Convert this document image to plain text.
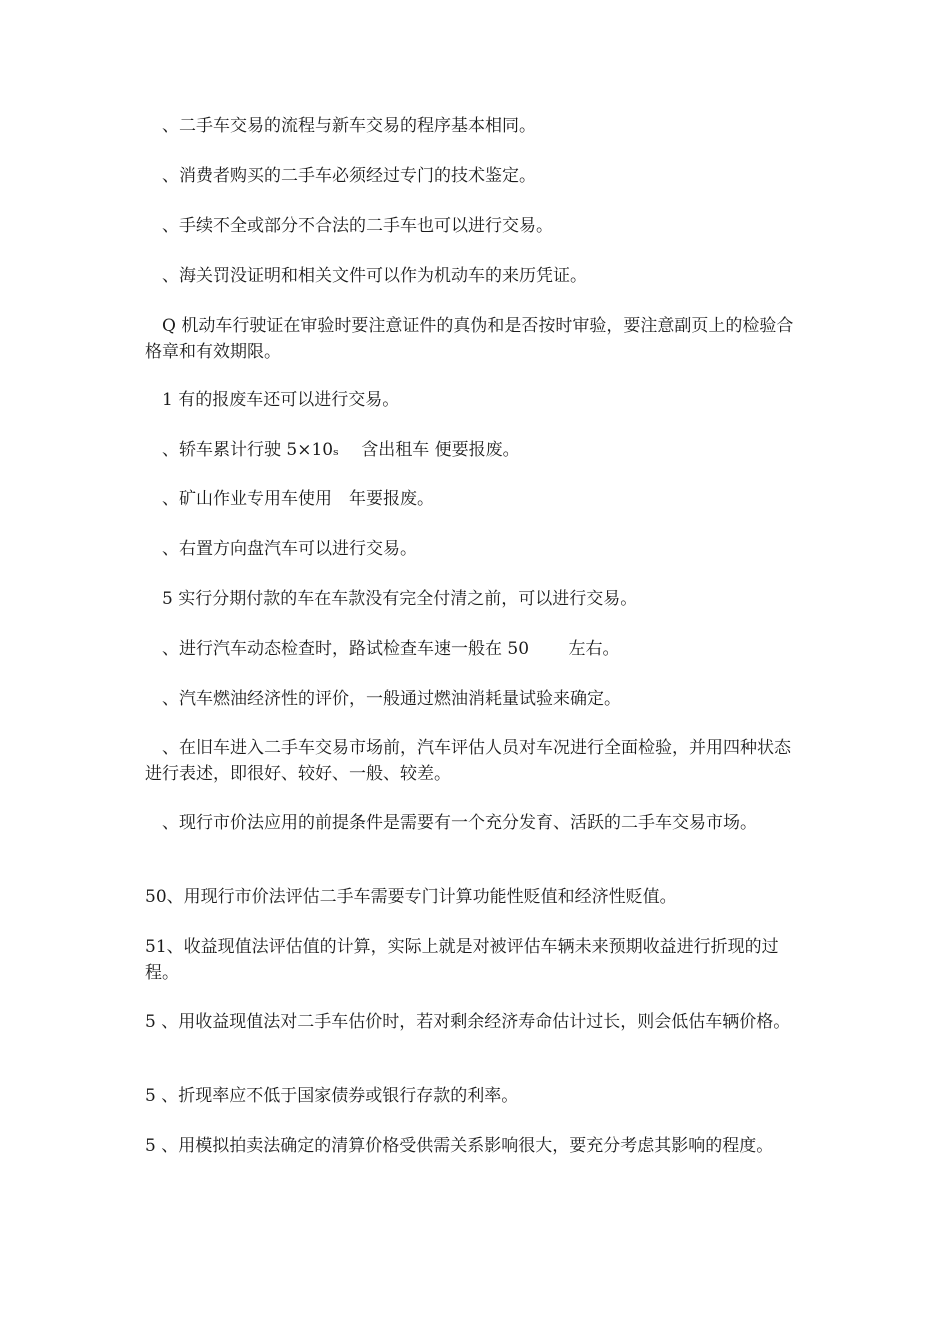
　、二手车交易的流程与新车交易的程序基本相同。

　、消费者购买的二手车必须经过专门的技术鉴定。

　、手续不全或部分不合法的二手车也可以进行交易。

　、海关罚没证明和相关文件可以作为机动车的来历凭证。

　Q 机动车行驶证在审验时要注意证件的真伪和是否按时审验，要注意副页上的检验合格章和有效期限。

　1 有的报废车还可以进行交易。

　、轿车累计行驶 5×10ₛ　 含出租车 便要报废。

　、矿山作业专用车使用　年要报废。

　、右置方向盘汽车可以进行交易。

　5 实行分期付款的车在车款没有完全付清之前，可以进行交易。

　、进行汽车动态检查时，路试检查车速一般在 50　　 左右。

　、汽车燃油经济性的评价，一般通过燃油消耗量试验来确定。

　、在旧车进入二手车交易市场前，汽车评估人员对车况进行全面检验，并用四种状态进行表述，即很好、较好、一般、较差。

　、现行市价法应用的前提条件是需要有一个充分发育、活跃的二手车交易市场。

50、用现行市价法评估二手车需要专门计算功能性贬值和经济性贬值。

51、收益现值法评估值的计算，实际上就是对被评估车辆未来预期收益进行折现的过程。

5 、用收益现值法对二手车估价时，若对剩余经济寿命估计过长，则会低估车辆价格。

5 、折现率应不低于国家债券或银行存款的利率。

5 、用模拟拍卖法确定的清算价格受供需关系影响很大，要充分考虑其影响的程度。
